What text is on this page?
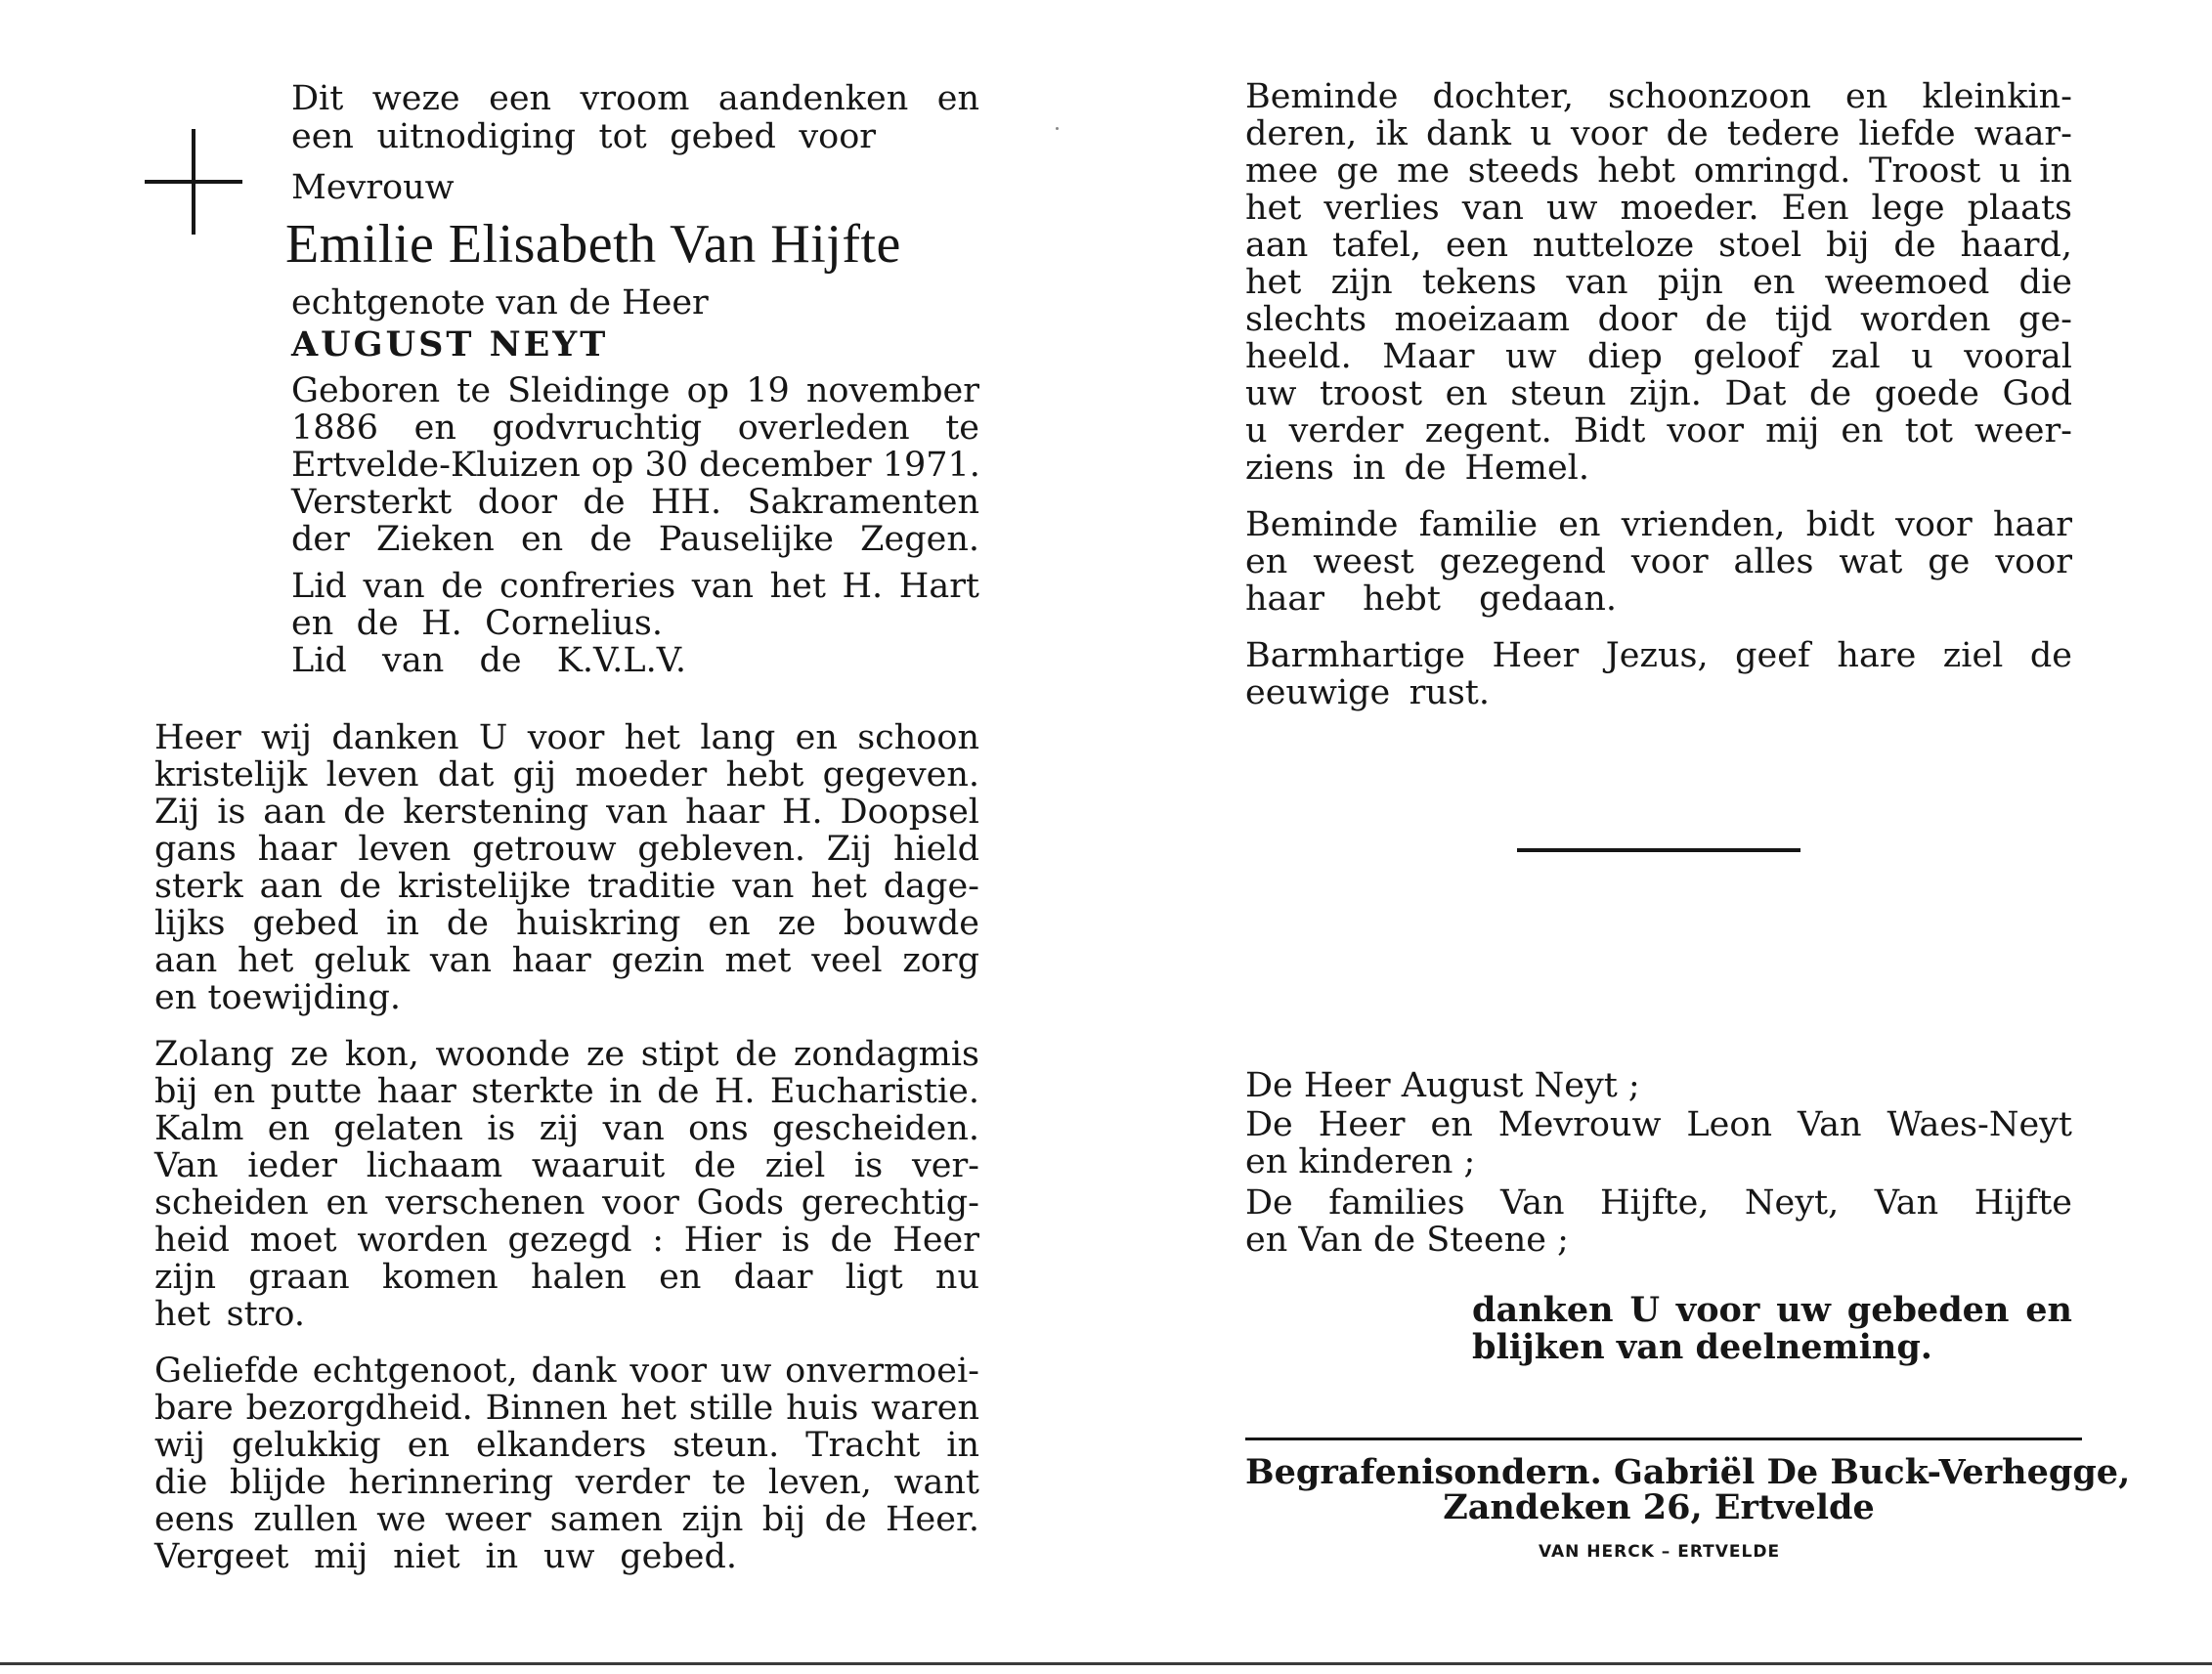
Dit weze een vroom aandenken en
een uitnodiging tot gebed voor
Mevrouw
Emilie Elisabeth Van Hijfte
echtgenote van de Heer
AUGUST NEYT
Geboren te Sleidinge op 19 november
1886 en godvruchtig overleden te
Ertvelde-Kluizen op 30 december 1971.
Versterkt door de HH. Sakramenten
der Zieken en de Pauselijke Zegen.
Lid van de confreries van het H. Hart
en de H. Cornelius.
Lid van de K.V.L.V.
Heer wij danken U voor het lang en schoon
kristelijk leven dat gij moeder hebt gegeven.
Zij is aan de kerstening van haar H. Doopsel
gans haar leven getrouw gebleven. Zij hield
sterk aan de kristelijke traditie van het dage-
lijks gebed in de huiskring en ze bouwde
aan het geluk van haar gezin met veel zorg
en toewijding.
Zolang ze kon, woonde ze stipt de zondagmis
bij en putte haar sterkte in de H. Eucharistie.
Kalm en gelaten is zij van ons gescheiden.
Van ieder lichaam waaruit de ziel is ver-
scheiden en verschenen voor Gods gerechtig-
heid moet worden gezegd : Hier is de Heer
zijn graan komen halen en daar ligt nu
het stro.
Geliefde echtgenoot, dank voor uw onvermoei-
bare bezorgdheid. Binnen het stille huis waren
wij gelukkig en elkanders steun. Tracht in
die blijde herinnering verder te leven, want
eens zullen we weer samen zijn bij de Heer.
Vergeet mij niet in uw gebed.
Beminde dochter, schoonzoon en kleinkin-
deren, ik dank u voor de tedere liefde waar-
mee ge me steeds hebt omringd. Troost u in
het verlies van uw moeder. Een lege plaats
aan tafel, een nutteloze stoel bij de haard,
het zijn tekens van pijn en weemoed die
slechts moeizaam door de tijd worden ge-
heeld. Maar uw diep geloof zal u vooral
uw troost en steun zijn. Dat de goede God
u verder zegent. Bidt voor mij en tot weer-
ziens in de Hemel.
Beminde familie en vrienden, bidt voor haar
en weest gezegend voor alles wat ge voor
haar hebt gedaan.
Barmhartige Heer Jezus, geef hare ziel de
eeuwige rust.
De Heer August Neyt ;
De Heer en Mevrouw Leon Van Waes-Neyt
en kinderen ;
De families Van Hijfte, Neyt, Van Hijfte
en Van de Steene ;
danken U voor uw gebeden en
blijken van deelneming.
Begrafenisondern. Gabriël De Buck-Verhegge,
Zandeken 26, Ertvelde
VAN HERCK – ERTVELDE
